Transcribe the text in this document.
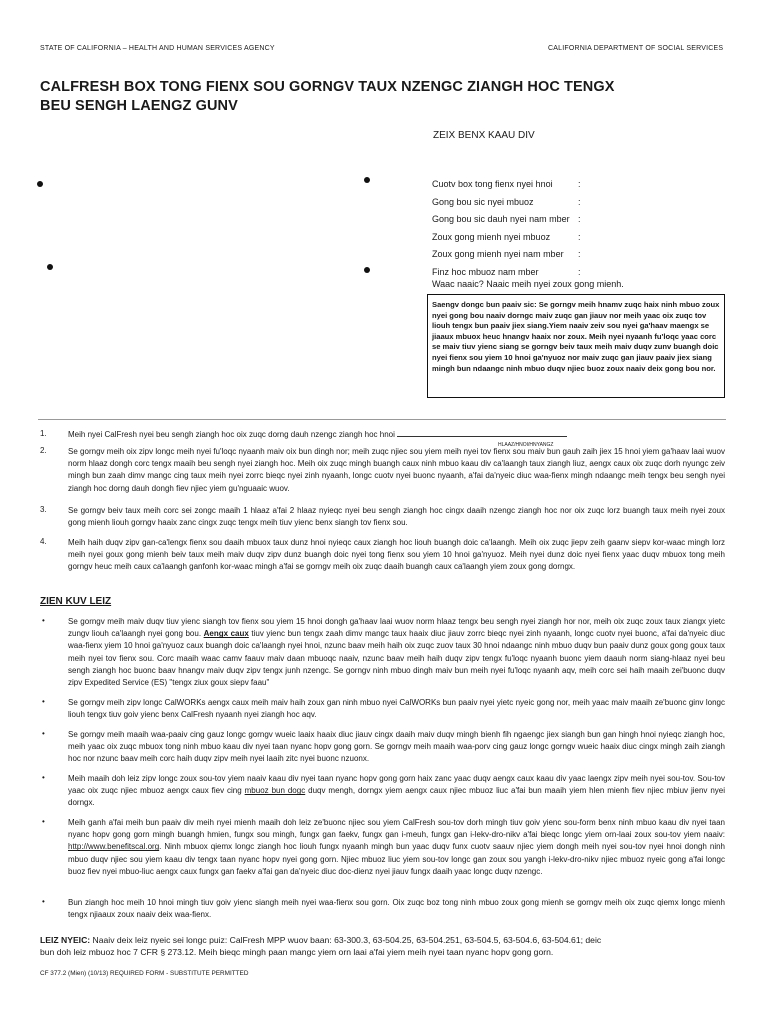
STATE OF CALIFORNIA – HEALTH AND HUMAN SERVICES AGENCY	CALIFORNIA DEPARTMENT OF SOCIAL SERVICES
CALFRESH BOX TONG FIENX SOU GORNGV TAUX NZENGC ZIANGH HOC TENGX
BEU SENGH LAENGZ GUNV
ZEIX BENX KAAU DIV
Cuotv box tong fienx nyei hnoi	:
Gong bou sic nyei mbuoz	:
Gong bou sic dauh nyei nam mber :
Zoux gong mienh nyei mbuoz	:
Zoux gong mienh nyei nam mber	:
Finz hoc mbuoz nam mber	:
Waac naaic? Naaic meih nyei zoux gong mienh.
Saengv dongc bun paaiv sic: Se gorngv meih hnamv zuqc haix ninh mbuo zoux nyei gong bou naaiv dorngc maiv zuqc gan jiauv nor meih yaac oix zuqc tov liouh tengx bun paaiv jiex siang.Yiem naaiv zeiv sou nyei ga'haav maengx se jiaaux mbuox heuc hnangv haaix nor zoux. Meih nyei nyaanh fu'loqc yaac corc se maiv tiuv yienc siang se gorngv beiv taux meih maiv duqv zunv buangh doic nyei fienx sou yiem 10 hnoi ga'nyuoz nor maiv zuqc gan jiauv paaiv jiex siang mingh bun ndaangc ninh mbuo duqv njiec buoz zoux naaiv deix gong bou nor.
1.	Meih nyei CalFresh nyei beu sengh ziangh hoc oix zuqc dorng dauh nzengc ziangh hoc hnoi
HLAAZ/HNOI/HNYANGZ
2.	Se gorngv meih oix zipv longc meih nyei fu'loqc nyaanh maiv oix bun dingh nor; meih zuqc njiec sou yiem meih nyei tov fienx sou maiv bun gauh zaih jiex 15 hnoi yiem ga'haav laai wuov norm hlaaz dongh corc tengx maaih beu sengh nyei ziangh hoc. Meih oix zuqc mingh buangh caux ninh mbuo kaau div ca'laangh taux ziangh liuz, aengx caux oix zuqc dorh nyungc zeiv mingh bun zaah dimv mangc cing taux meih nyei zorrc bieqc nyei zinh nyaanh, longc cuotv nyei buonc nyaanh, a'fai da'nyeic diuc waa-fienx mingh ndaangc meih tengx beu sengh nyei ziangh hoc dorng dauh dongh fiev njiec yiem gu'nguaaic wuov.
3.	Se gorngv beiv taux meih corc sei zongc maaih 1 hlaaz a'fai 2 hlaaz nyieqc nyei beu sengh ziangh hoc cingx daaih nzengc ziangh hoc nor oix zuqc lorz buangh taux meih nyei zoux gong mienh liouh gorngv haaix zanc cingx zuqc tengx meih tiuv yienc benx siangh tov fienx sou.
4.	Meih haih duqv zipv gan-ca'lengx fienx sou daaih mbuox taux dunz hnoi nyieqc caux ziangh hoc liouh buangh doic ca'laangh. Meih oix zuqc jiepv zeih gaanv siepv kor-waac mingh lorz meih nyei goux gong mienh beiv taux meih maiv duqv zipv dunz buangh doic nyei tong fienx sou yiem 10 hnoi ga'nyuoz. Meih nyei dunz doic nyei fienx yaac duqv mbuox tong meih gorngv heuc meih caux ca'laangh ganfonh kor-waac mingh a'fai se gorngv meih oix zuqc daaih buangh caux ca'laangh yiem zoux gong dorngx.
ZIEN KUV LEIZ
•	Se gorngv meih maiv duqv tiuv yienc siangh tov fienx sou yiem 15 hnoi dongh ga'haav laai wuov norm hlaaz tengx beu sengh nyei ziangh hor nor, meih oix zuqc zoux taux ziangx yietc zungv liouh ca'laangh nyei gong bou. Aengx caux tiuv yienc bun tengx zaah dimv mangc taux haaix diuc jiauv zorrc bieqc nyei zinh nyaanh, longc cuotv nyei buonc, a'fai da'nyeic diuc waa-fienx yiem 10 hnoi ga'nyuoz caux buangh doic ca'laangh nyei hnoi, nzunc baav meih haih oix zuqc zuov taux 30 hnoi ndaangc ninh mbuo duqv bun paaiv dunz goux gong goux taux meih nyei tov fienx sou. Corc maaih waac camv faauv maiv daan mbuoqc naaiv, nzunc baav meih haih duqv zipv tengx fu'loqc nyaanh buonc yiem daauh norm siang-hlaaz nyei beu sengh ziangh hoc buonc baav hnangv maiv duqv zipv tengx junh nzengc. Se gorngv ninh mbuo dingh maiv bun meih nyei fu'loqc nyaanh aqv, meih corc sei haih maaih zei'buonc duqv zipv Expedited Service (ES) "tengx ziux goux siepv faau"
•	Se gorngv meih zipv longc CalWORKs aengx caux meih maiv haih zoux gan ninh mbuo nyei CalWORKs bun paaiv nyei yietc nyeic gong nor, meih yaac maiv maaih ze'buonc ginv longc liouh tengx tiuv goiv yienc benx CalFresh nyaanh nyei ziangh hoc aqv.
•	Se gorngv meih maaih waa-paaiv cing gauz longc gorngv wueic laaix haaix diuc jiauv cingx daaih maiv duqv mingh bienh fih ngaengc jiex siangh bun gan hingh hnoi nyieqc ziangh hoc, meih yaac oix zuqc mbuox tong ninh mbuo kaau div nyei taan nyanc hopv gong gorn. Se gorngv meih maaih waa-porv cing gauz longc gorngv wueic haaix diuc cingx mingh zaih ziangh hoc nor nzunc baav meih corc haih duqv zipv meih nyei laaih zitc nyei buonc nzuonx.
•	Meih maaih doh leiz zipv longc zoux sou-tov yiem naaiv kaau div nyei taan nyanc hopv gong gorn haix zanc yaac duqv aengx caux kaau div yaac laengx zipv meih nyei sou-tov. Sou-tov yaac oix zuqc njiec mbuoz aengx caux fiev cing mbuoz bun dogc duqv mengh, dorngx yiem aengx caux njiec mbuoz liuc a'fai bun maaih yiem hlen mienh fiev njiec mbiuv jienv nyei dorngx.
•	Meih ganh a'fai meih bun paaiv div meih nyei mienh maaih doh leiz ze'buonc njiec sou yiem CalFresh sou-tov dorh mingh tiuv goiv yienc sou-form benx ninh mbuo kaau div nyei taan nyanc hopv gong gorn mingh buangh hmien, fungx sou mingh, fungx gan faekv, fungx gan i-meuh, fungx gan i-lekv-dro-nikv a'fai bieqc longc yiem orn-laai zoux sou-tov yiem naaiv: http://www.benefitscal.org. Ninh mbuox qiemx longc ziangh hoc liouh fungx nyaanh mingh bun yaac duqv funx cuotv saauv njiec yiem dongh meih nyei sou-tov nyei hnoi dongh ninh mbuo duqv njiec sou yiem kaau div tengx taan nyanc hopv nyei gong gorn. Njiec mbuoz liuc yiem sou-tov longc gan zoux sou yangh i-lekv-dro-nikv njiec mbuoz nyeic gong a'fai longc buoz fiev nyei mbuo-liuc aengx caux fungx gan faekv a'fai gan da'nyeic diuc doc-dienz nyei jiauv fungx daaih yaac longc duqv nzengc.
•	Bun ziangh hoc meih 10 hnoi mingh tiuv goiv yienc siangh meih nyei waa-fienx sou gorn. Oix zuqc boz tong ninh mbuo zoux gong mienh se gorngv meih oix zuqc qiemx longc mienh tengx njiaaux zoux naaiv deix waa-fienx.
LEIZ NYEIC: Naaiv deix leiz nyeic sei longc puiz: CalFresh MPP wuov baan: 63-300.3, 63-504.25, 63-504.251, 63-504.5, 63-504.6, 63-504.61; deic
bun doh leiz mbuoz hoc 7 CFR § 273.12. Meih bieqc mingh paan mangc yiem orn laai a'fai yiem meih nyei taan nyanc hopv gong gorn.
CF 377.2 (Mien) (10/13) REQUIRED FORM - SUBSTITUTE PERMITTED
